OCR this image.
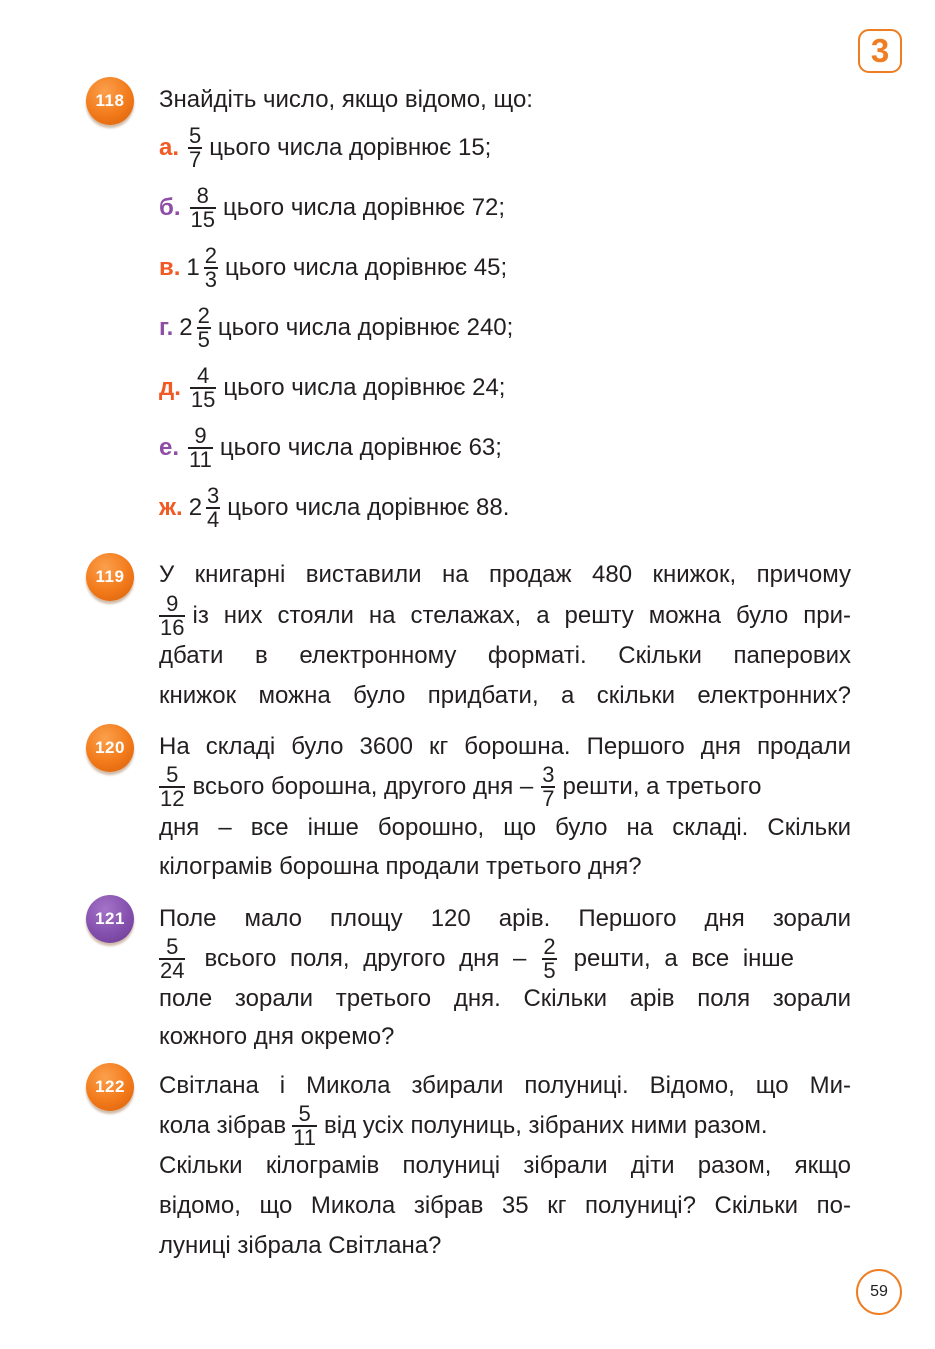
3
59
118	Знайдіть число, якщо відомо, що:
а. $\frac{5}{7}$ цього числа дорівнює 15;
б. $\frac{8}{15}$ цього числа дорівнює 72;
в. $1 \frac{2}{3}$ цього числа дорівнює 45;
г. $2 \frac{2}{5}$ цього числа дорівнює 240;
д. $\frac{4}{15}$ цього числа дорівнює 24;
е. $\frac{9}{11}$ цього числа дорівнює 63;
ж. $2 \frac{3}{4}$ цього числа дорівнює 88.
119	У книгарні виставили на продаж 480 книжок, причому
$\frac{9}{16}$ із них стояли на стелажах, а решту можна було при-
дбати в електронному форматі. Скільки паперових
книжок можна було придбати, а скільки електронних?
120	На складі було 3600 кг борошна. Першого дня продали
$\frac{5}{12}$ всього борошна, другого дня – $\frac{3}{7}$ решти, а третього
дня – все інше борошно, що було на складі. Скільки
кілограмів борошна продали третього дня?
121	Поле мало площу 120 арів. Першого дня зорали
$\frac{5}{24}$ всього поля, другого дня – $\frac{2}{5}$ решти, а все інше
поле зорали третього дня. Скільки арів поля зорали
кожного дня окремо?
122	Світлана і Микола збирали полуниці. Відомо, що Ми-
кола зібрав $\frac{5}{11}$ від усіх полуниць, зібраних ними разом.
Скільки кілограмів полуниці зібрали діти разом, якщо
відомо, що Микола зібрав 35 кг полуниці? Скільки по-
луниці зібрала Світлана?
